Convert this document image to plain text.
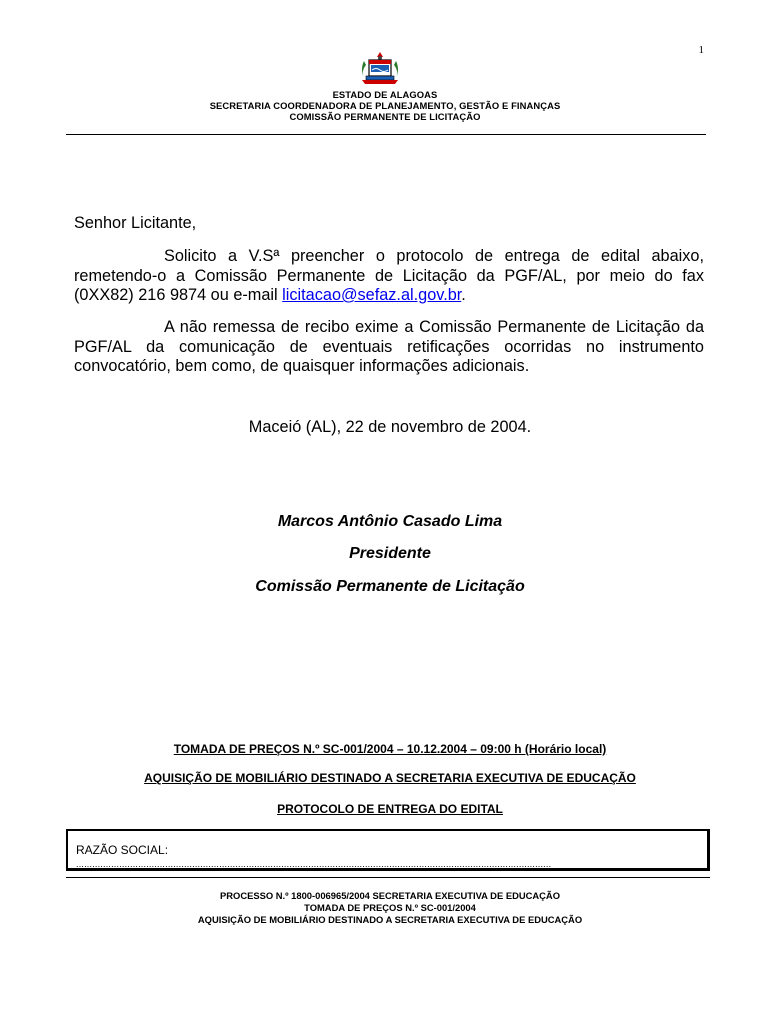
1
ESTADO DE ALAGOAS
SECRETARIA COORDENADORA DE PLANEJAMENTO, GESTÃO E FINANÇAS
COMISSÃO PERMANENTE DE LICITAÇÃO
Senhor Licitante,
Solicito a V.Sª preencher o protocolo de entrega de edital abaixo, remetendo-o a Comissão Permanente de Licitação da PGF/AL, por meio do fax (0XX82) 216 9874 ou e-mail licitacao@sefaz.al.gov.br.
A não remessa de recibo exime a Comissão Permanente de Licitação da PGF/AL da comunicação de eventuais retificações ocorridas no instrumento convocatório, bem como, de quaisquer informações adicionais.
Maceió (AL), 22 de novembro de 2004.
Marcos Antônio Casado Lima
Presidente
Comissão Permanente de Licitação
TOMADA DE PREÇOS N.º SC-001/2004 – 10.12.2004 – 09:00 h (Horário local)
AQUISIÇÃO DE MOBILIÁRIO DESTINADO A SECRETARIA EXECUTIVA DE EDUCAÇÃO
PROTOCOLO DE ENTREGA DO EDITAL
RAZÃO SOCIAL:
................................................................................................................................................................................
PROCESSO N.º 1800-006965/2004 SECRETARIA EXECUTIVA DE EDUCAÇÃO
TOMADA DE PREÇOS N.º SC-001/2004
AQUISIÇÃO DE MOBILIÁRIO DESTINADO A SECRETARIA EXECUTIVA DE EDUCAÇÃO
